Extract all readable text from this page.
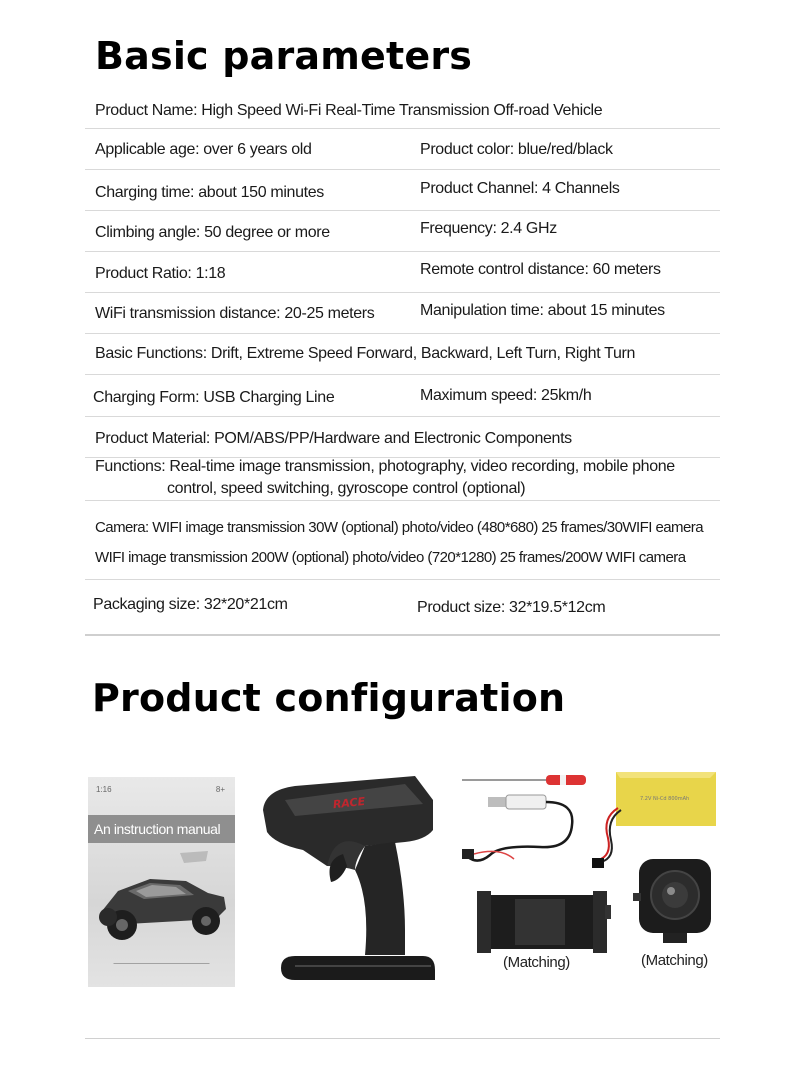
Basic parameters
Product Name: High Speed Wi-Fi Real-Time Transmission Off-road Vehicle
Applicable age: over 6 years old	Product color: blue/red/black
Charging time: about 150 minutes	Product Channel: 4 Channels
Climbing angle: 50 degree or more	Frequency: 2.4 GHz
Product Ratio: 1:18	Remote control distance: 60 meters
WiFi transmission distance: 20-25 meters	Manipulation time: about 15 minutes
Basic Functions: Drift, Extreme Speed Forward, Backward, Left Turn, Right Turn
Charging Form: USB Charging Line	Maximum speed: 25km/h
Product Material: POM/ABS/PP/Hardware and Electronic Components
Functions: Real-time image transmission, photography, video recording, mobile phone
control, speed switching, gyroscope control (optional)
Camera: WIFI image transmission 30W (optional) photo/video (480*680) 25 frames/30WIFI eamera
WIFI image transmission 200W (optional) photo/video (720*1280) 25 frames/200W WIFI camera
Packaging size: 32*20*21cm	Product size: 32*19.5*12cm
Product configuration
1:16	8+
An instruction manual
————————————————
RACE	7.2V Ni-Cd 800mAh
(Matching)	(Matching)
